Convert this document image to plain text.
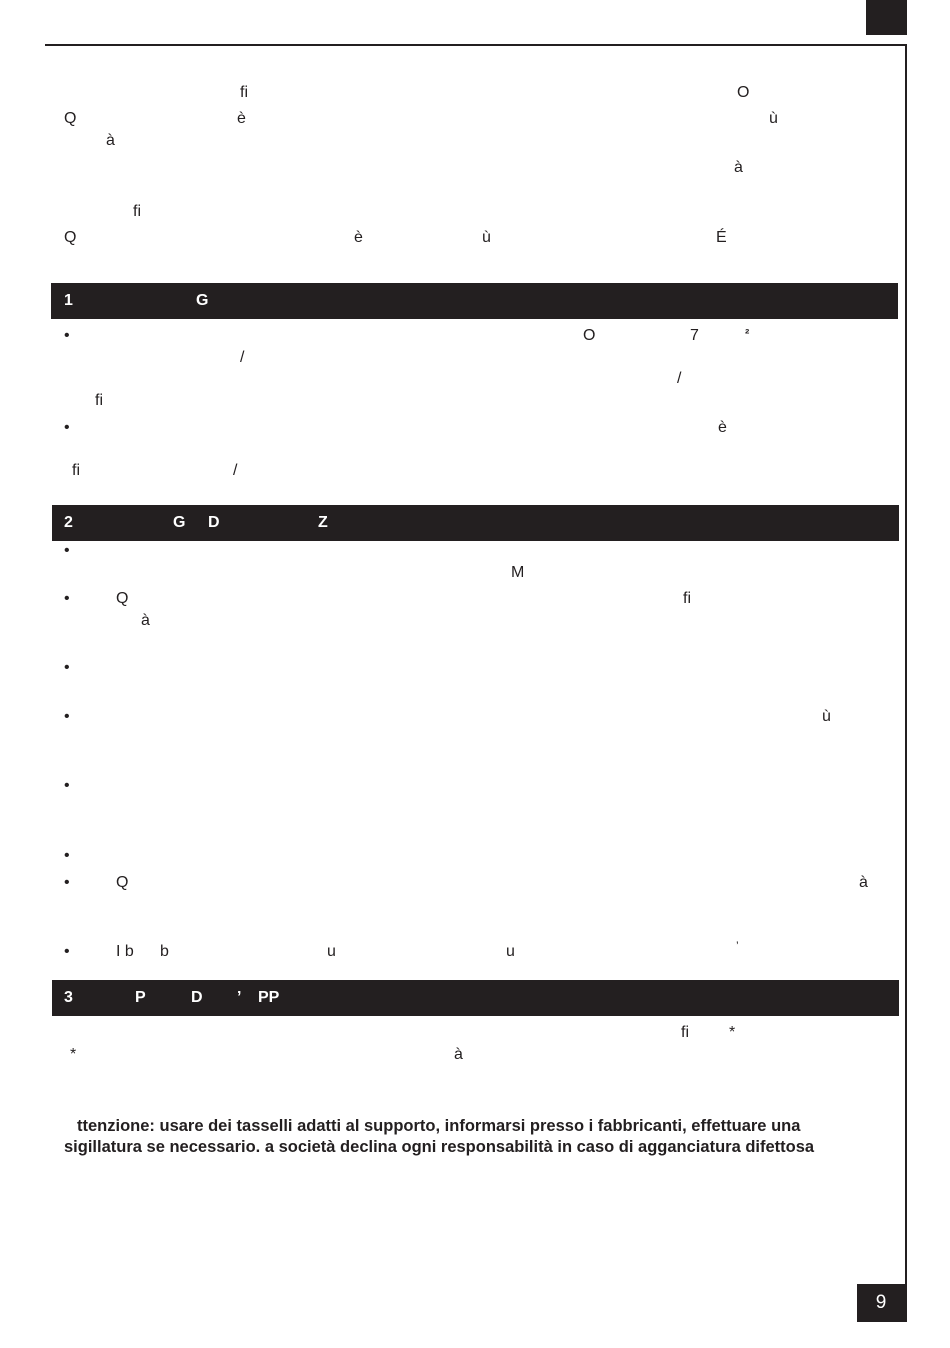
fi	O
Q	è	ù
à
à
fi
Q	è	ù	É
1	G
•	O	7	²
/
/
fi
•	è
fi	/
2	G D	Z
•
M
•	Q	fi
à
•
•	ù
•
•
•	Q	à
•	I b b	u	u	’
3	P	D ’ PP
fi	*
*	à
ttenzione: usare dei tasselli adatti al supporto, informarsi presso i fabbricanti, effettuare una
sigillatura se necessario. a società declina ogni responsabilità in caso di agganciatura difettosa
9
